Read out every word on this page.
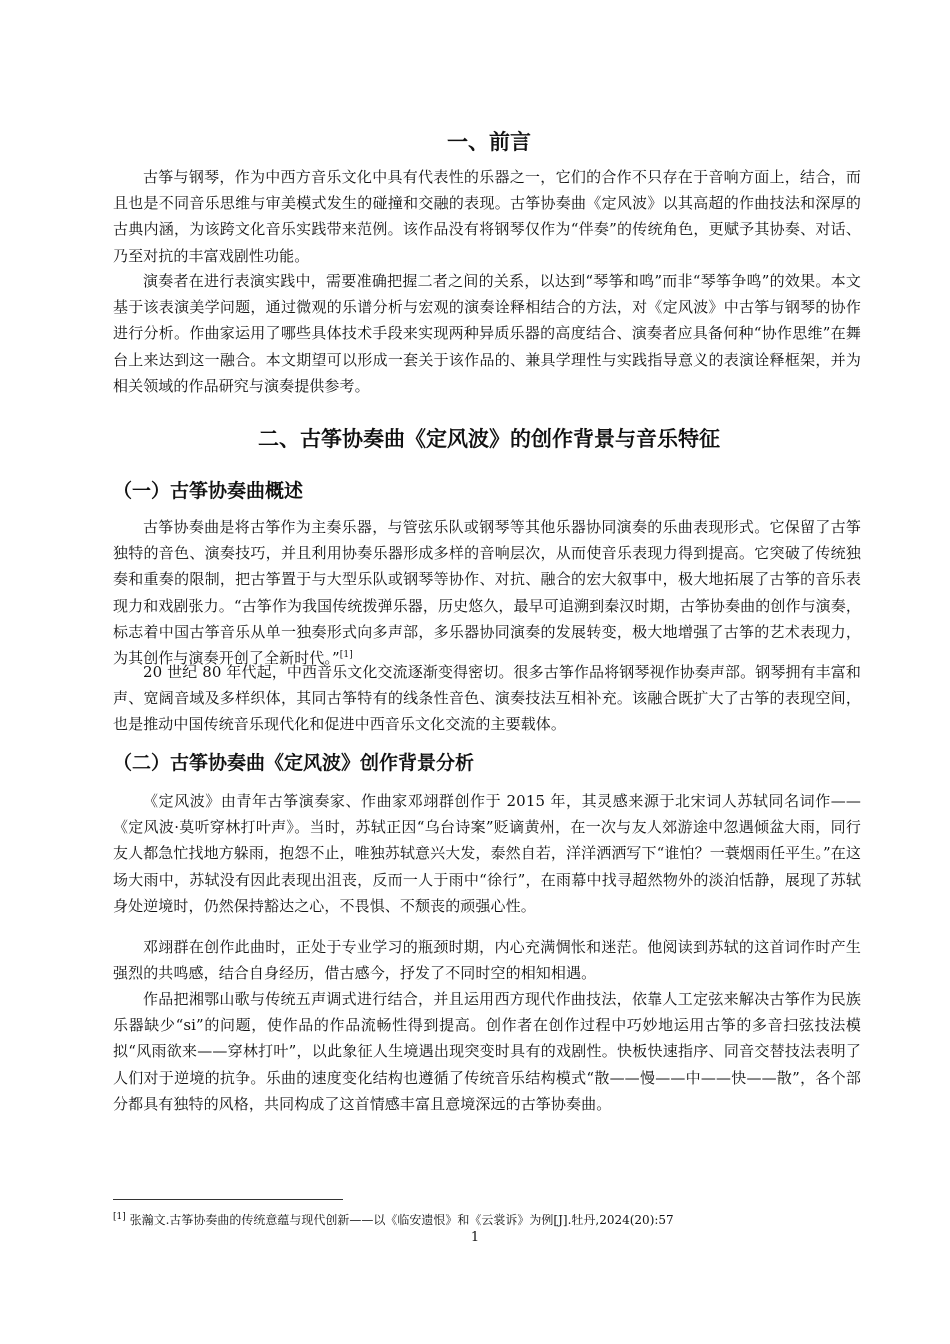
一、前言

古筝与钢琴，作为中西方音乐文化中具有代表性的乐器之一，它们的合作不只存在于音响方面上，结合，而且也是不同音乐思维与审美模式发生的碰撞和交融的表现。古筝协奏曲《定风波》以其高超的作曲技法和深厚的古典内涵，为该跨文化音乐实践带来范例。该作品没有将钢琴仅作为“伴奏”的传统角色，更赋予其协奏、对话、乃至对抗的丰富戏剧性功能。

演奏者在进行表演实践中，需要准确把握二者之间的关系，以达到“琴筝和鸣”而非“琴筝争鸣”的效果。本文基于该表演美学问题，通过微观的乐谱分析与宏观的演奏诠释相结合的方法，对《定风波》中古筝与钢琴的协作进行分析。作曲家运用了哪些具体技术手段来实现两种异质乐器的高度结合、演奏者应具备何种“协作思维”在舞台上来达到这一融合。本文期望可以形成一套关于该作品的、兼具学理性与实践指导意义的表演诠释框架，并为相关领域的作品研究与演奏提供参考。

二、古筝协奏曲《定风波》的创作背景与音乐特征
（一）古筝协奏曲概述

古筝协奏曲是将古筝作为主奏乐器，与管弦乐队或钢琴等其他乐器协同演奏的乐曲表现形式。它保留了古筝独特的音色、演奏技巧，并且利用协奏乐器形成多样的音响层次，从而使音乐表现力得到提高。它突破了传统独奏和重奏的限制，把古筝置于与大型乐队或钢琴等协作、对抗、融合的宏大叙事中，极大地拓展了古筝的音乐表现力和戏剧张力。“古筝作为我国传统拨弹乐器，历史悠久，最早可追溯到秦汉时期，古筝协奏曲的创作与演奏，标志着中国古筝音乐从单一独奏形式向多声部，多乐器协同演奏的发展转变，极大地增强了古筝的艺术表现力，为其创作与演奏开创了全新时代。”[1]

20 世纪 80 年代起，中西音乐文化交流逐渐变得密切。很多古筝作品将钢琴视作协奏声部。钢琴拥有丰富和声、宽阔音域及多样织体，其同古筝特有的线条性音色、演奏技法互相补充。该融合既扩大了古筝的表现空间，也是推动中国传统音乐现代化和促进中西音乐文化交流的主要载体。

（二）古筝协奏曲《定风波》创作背景分析

《定风波》由青年古筝演奏家、作曲家邓翊群创作于 2015 年，其灵感来源于北宋词人苏轼同名词作——《定风波·莫听穿林打叶声》。当时，苏轼正因“乌台诗案”贬谪黄州，在一次与友人郊游途中忽遇倾盆大雨，同行友人都急忙找地方躲雨，抱怨不止，唯独苏轼意兴大发，泰然自若，洋洋洒洒写下“谁怕？一蓑烟雨任平生。”在这场大雨中，苏轼没有因此表现出沮丧，反而一人于雨中“徐行”，在雨幕中找寻超然物外的淡泊恬静，展现了苏轼身处逆境时，仍然保持豁达之心，不畏惧、不颓丧的顽强心性。

邓翊群在创作此曲时，正处于专业学习的瓶颈时期，内心充满惆怅和迷茫。他阅读到苏轼的这首词作时产生强烈的共鸣感，结合自身经历，借古感今，抒发了不同时空的相知相遇。

作品把湘鄂山歌与传统五声调式进行结合，并且运用西方现代作曲技法，依靠人工定弦来解决古筝作为民族乐器缺少“si”的问题，使作品的作品流畅性得到提高。创作者在创作过程中巧妙地运用古筝的多音扫弦技法模拟“风雨欲来——穿林打叶”，以此象征人生境遇出现突变时具有的戏剧性。快板快速指序、同音交替技法表明了人们对于逆境的抗争。乐曲的速度变化结构也遵循了传统音乐结构模式“散——慢——中——快——散”，各个部分都具有独特的风格，共同构成了这首情感丰富且意境深远的古筝协奏曲。

[1] 张瀚文.古筝协奏曲的传统意蕴与现代创新——以《临安遗恨》和《云裳诉》为例[J].牡丹,2024(20):57

1
